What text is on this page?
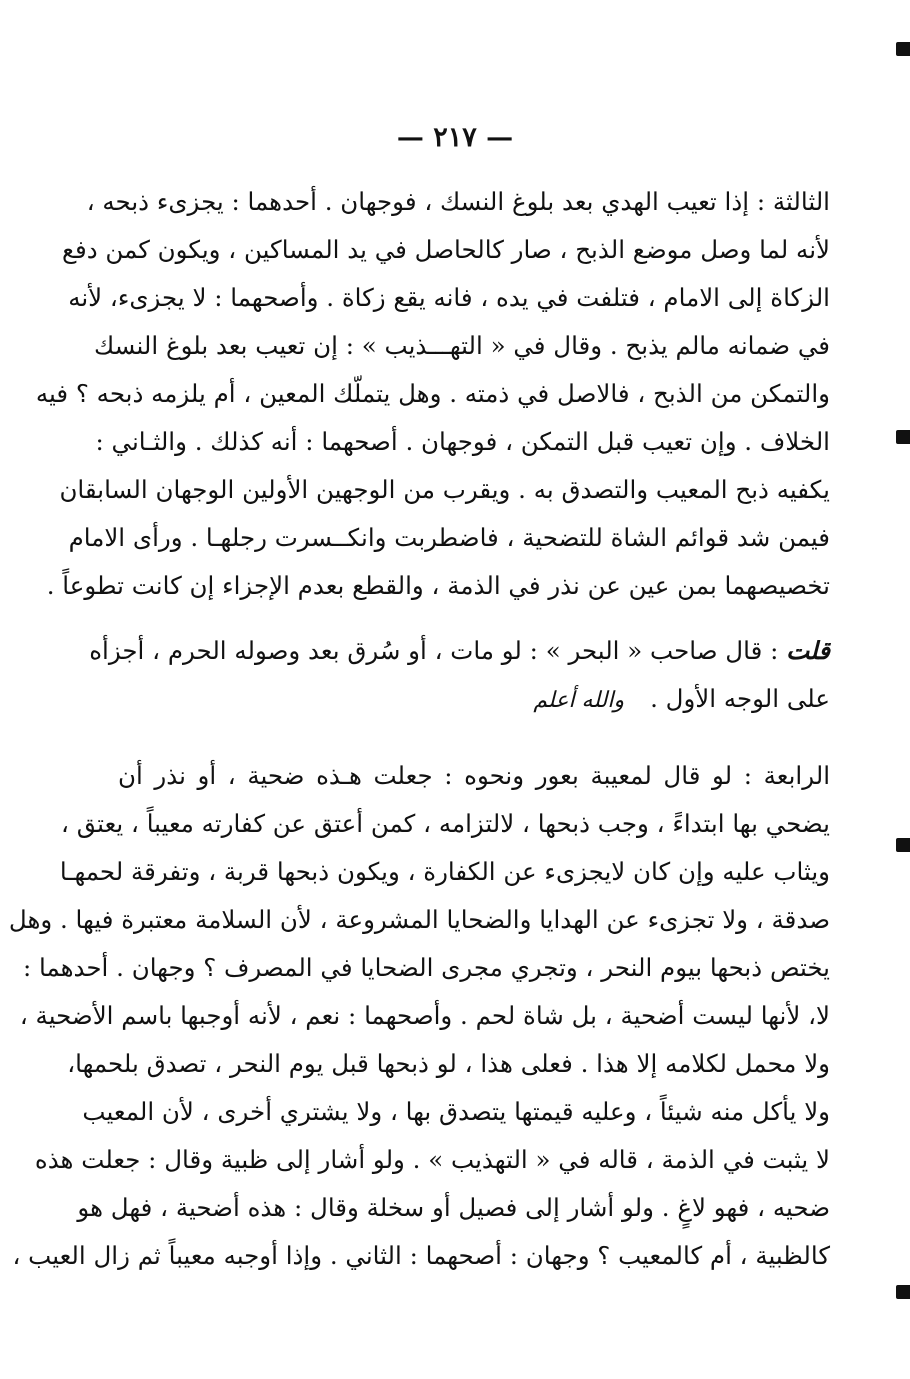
— ٢١٧ —
الثالثة : إذا تعيب الهدي بعد بلوغ النسك ، فوجهان . أحدهما : يجزىء ذبحه ،
لأنه لما وصل موضع الذبح ، صار كالحاصل في يد المساكين ، ويكون كمن دفع
الزكاة إلى الامام ، فتلفت في يده ، فانه يقع زكاة . وأصحهما : لا يجزىء، لأنه
في ضمانه مالم يذبح . وقال في « التهـــذيب » : إن تعيب بعد بلوغ النسك
والتمكن من الذبح ، فالاصل في ذمته . وهل يتملّك المعين ، أم يلزمه ذبحه ؟ فيه
الخلاف . وإن تعيب قبل التمكن ، فوجهان . أصحهما : أنه كذلك . والثـاني :
يكفيه ذبح المعيب والتصدق به . ويقرب من الوجهين الأولين الوجهان السابقان
فيمن شد قوائم الشاة للتضحية ، فاضطربت وانكــسرت رجلهـا . ورأى الامام
تخصيصهما بمن عين عن نذر في الذمة ، والقطع بعدم الإجزاء إن كانت تطوعاً .
قلت : قال صاحب « البحر » : لو مات ، أو سُرق بعد وصوله الحرم ، أجزأه
على الوجه الأول .والله أعلم
الرابعة : لو قال لمعيبة بعور ونحوه : جعلت هـذه ضحية ، أو نذر أن
يضحي بها ابتداءً ، وجب ذبحها ، لالتزامه ، كمن أعتق عن كفارته معيباً ، يعتق ،
ويثاب عليه وإن كان لايجزىء عن الكفارة ، ويكون ذبحها قربة ، وتفرقة لحمهـا
صدقة ، ولا تجزىء عن الهدايا والضحايا المشروعة ، لأن السلامة معتبرة فيها . وهل
يختص ذبحها بيوم النحر ، وتجري مجرى الضحايا في المصرف ؟ وجهان . أحدهما :
لا، لأنها ليست أضحية ، بل شاة لحم . وأصحهما : نعم ، لأنه أوجبها باسم الأضحية ،
ولا محمل لكلامه إلا هذا . فعلى هذا ، لو ذبحها قبل يوم النحر ، تصدق بلحمها،
ولا يأكل منه شيئاً ، وعليه قيمتها يتصدق بها ، ولا يشتري أخرى ، لأن المعيب
لا يثبت في الذمة ، قاله في « التهذيب » . ولو أشار إلى ظبية وقال : جعلت هذه
ضحيه ، فهو لاغٍ . ولو أشار إلى فصيل أو سخلة وقال : هذه أضحية ، فهل هو
كالظبية ، أم كالمعيب ؟ وجهان : أصحهما : الثاني . وإذا أوجبه معيباً ثم زال العيب ،
